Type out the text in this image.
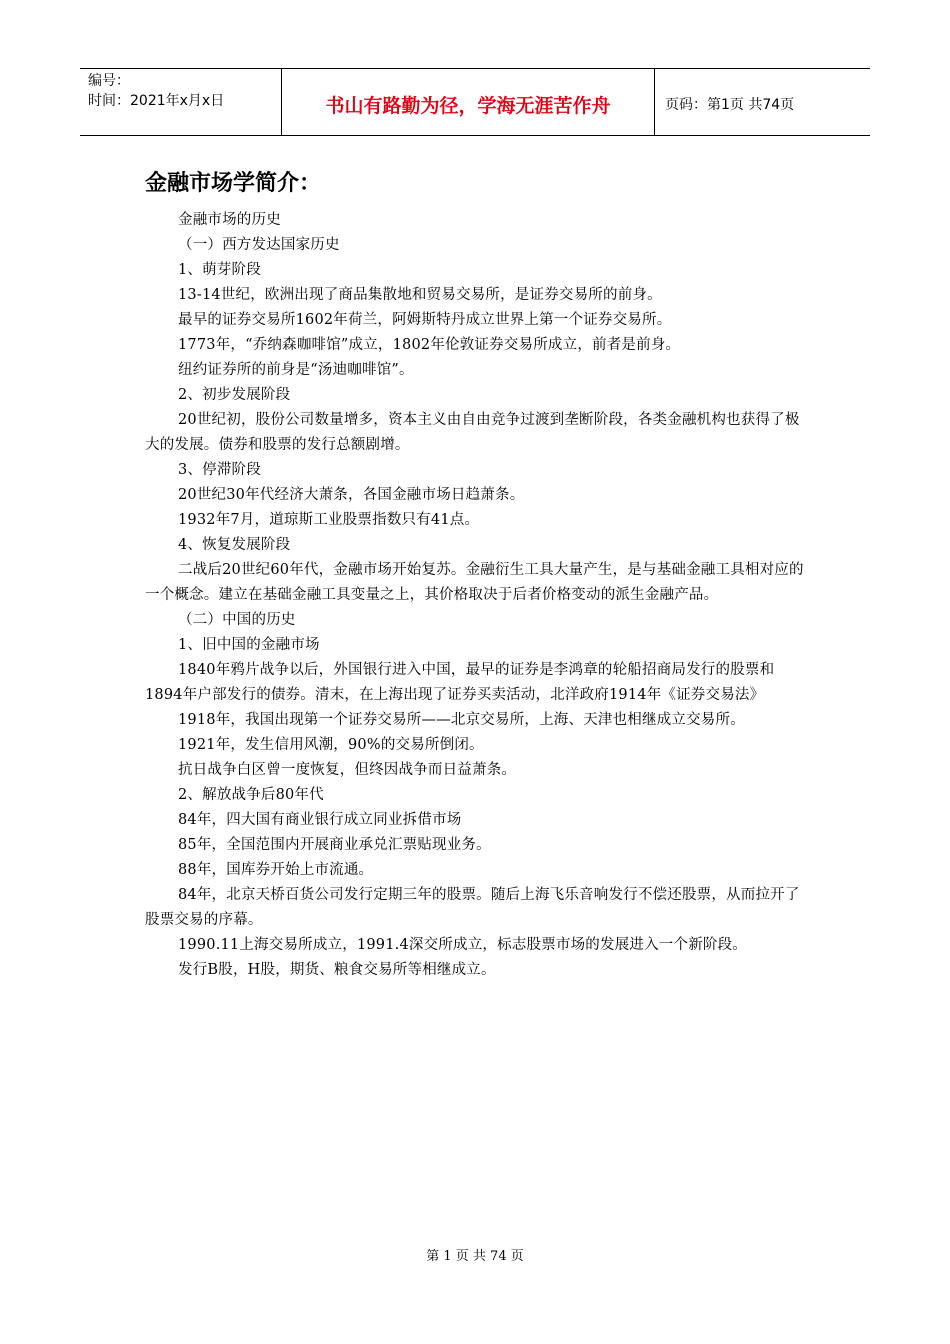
编号：
时间：2021年x月x日	书山有路勤为径，学海无涯苦作舟	页码：第1页 共74页
金融市场学简介：

金融市场的历史

（一）西方发达国家历史

1、萌芽阶段

13-14世纪，欧洲出现了商品集散地和贸易交易所，是证券交易所的前身。

最早的证券交易所1602年荷兰，阿姆斯特丹成立世界上第一个证券交易所。

1773年，“乔纳森咖啡馆”成立，1802年伦敦证券交易所成立，前者是前身。

纽约证券所的前身是“汤迪咖啡馆”。

2、初步发展阶段

20世纪初，股份公司数量增多，资本主义由自由竞争过渡到垄断阶段，各类金融机构也获得了极大的发展。债券和股票的发行总额剧增。

3、停滞阶段

20世纪30年代经济大萧条，各国金融市场日趋萧条。

1932年7月，道琼斯工业股票指数只有41点。

4、恢复发展阶段

二战后20世纪60年代，金融市场开始复苏。金融衍生工具大量产生，是与基础金融工具相对应的一个概念。建立在基础金融工具变量之上，其价格取决于后者价格变动的派生金融产品。

（二）中国的历史

1、旧中国的金融市场

1840年鸦片战争以后，外国银行进入中国，最早的证券是李鸿章的轮船招商局发行的股票和1894年户部发行的债券。清末，在上海出现了证券买卖活动，北洋政府1914年《证券交易法》

1918年，我国出现第一个证券交易所——北京交易所，上海、天津也相继成立交易所。

1921年，发生信用风潮，90%的交易所倒闭。

抗日战争白区曾一度恢复，但终因战争而日益萧条。

2、解放战争后80年代

84年，四大国有商业银行成立同业拆借市场

85年，全国范围内开展商业承兑汇票贴现业务。

88年，国库券开始上市流通。

84年，北京天桥百货公司发行定期三年的股票。随后上海飞乐音响发行不偿还股票，从而拉开了股票交易的序幕。

1990.11上海交易所成立，1991.4深交所成立，标志股票市场的发展进入一个新阶段。

发行B股，H股，期货、粮食交易所等相继成立。

第 1 页 共 74 页
